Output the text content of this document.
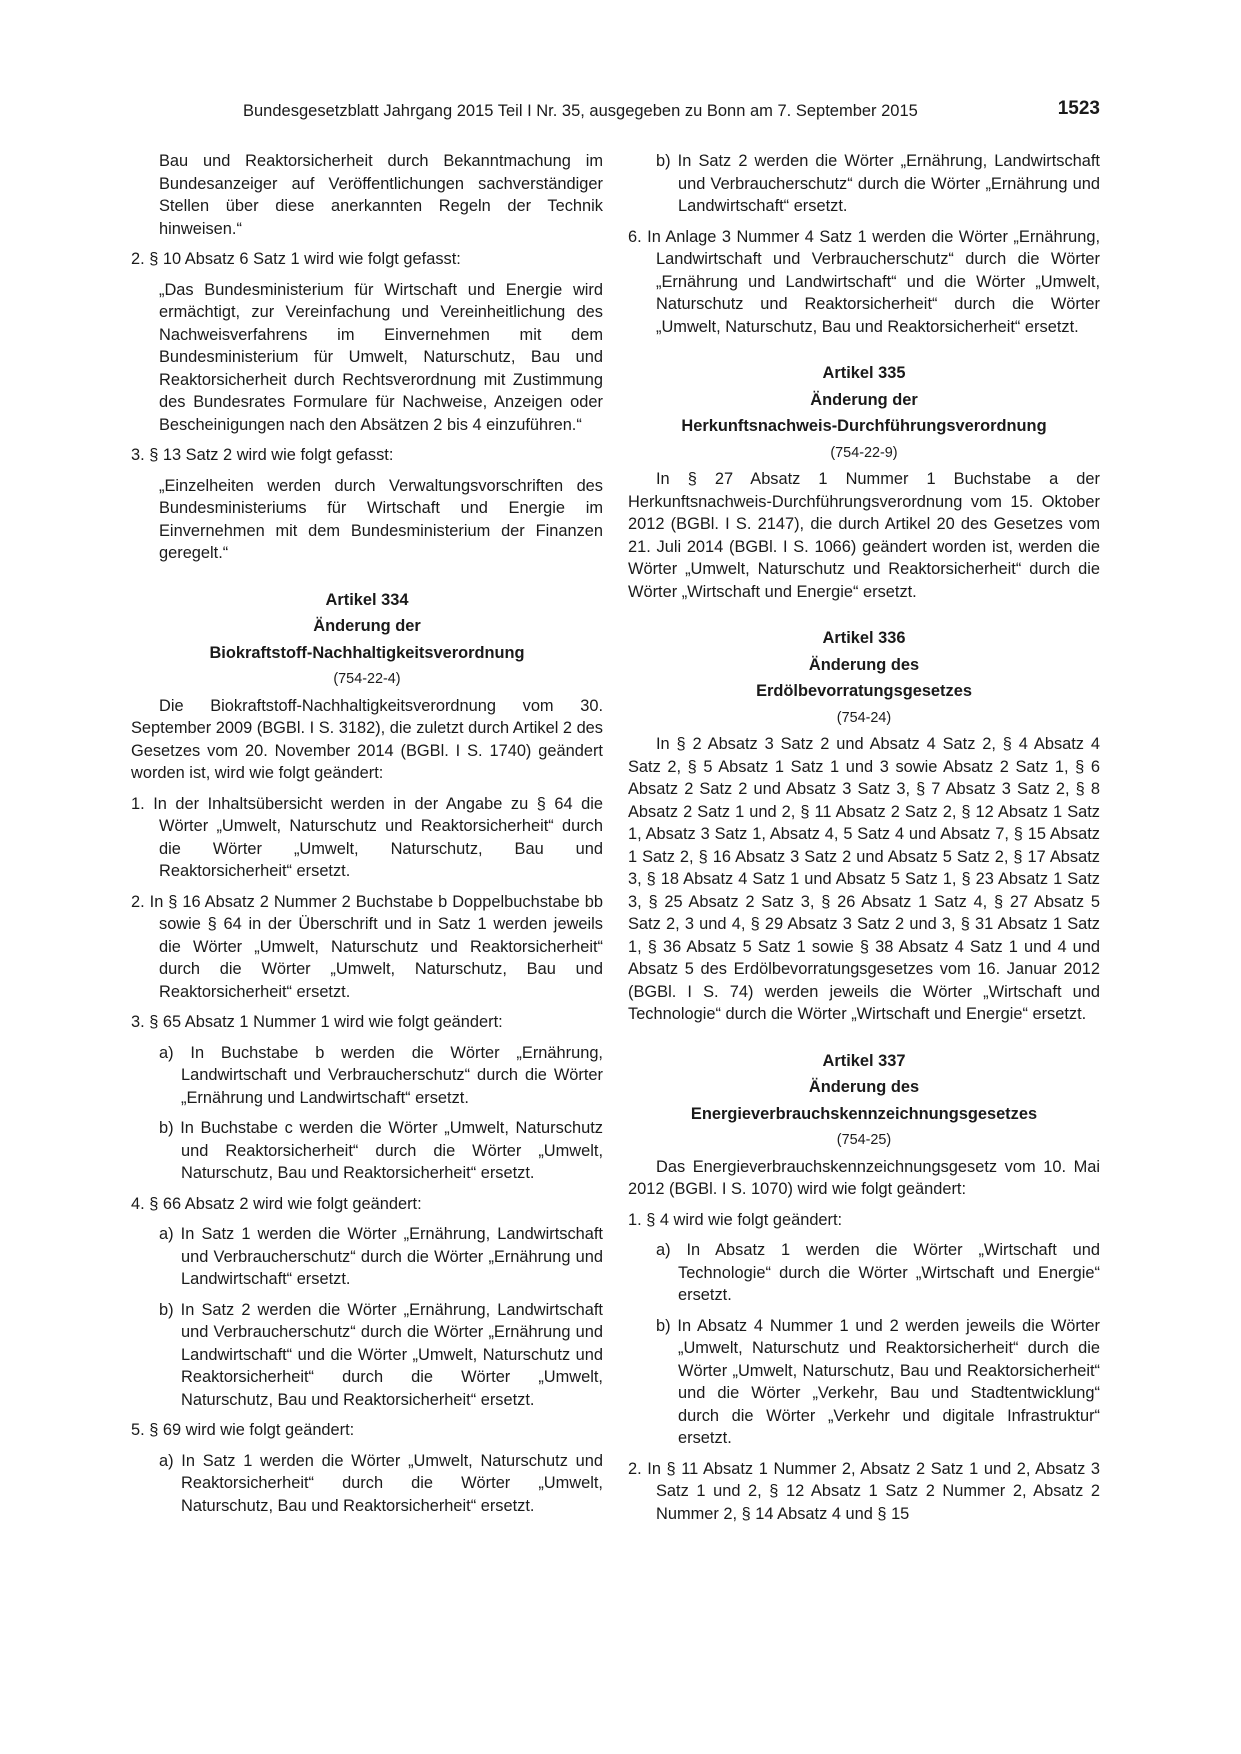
Bundesgesetzblatt Jahrgang 2015 Teil I Nr. 35, ausgegeben zu Bonn am 7. September 2015	1523

Bau und Reaktorsicherheit durch Bekanntmachung im Bundesanzeiger auf Veröffentlichungen sachverständiger Stellen über diese anerkannten Regeln der Technik hinweisen.“

2. § 10 Absatz 6 Satz 1 wird wie folgt gefasst:

„Das Bundesministerium für Wirtschaft und Energie wird ermächtigt, zur Vereinfachung und Vereinheitlichung des Nachweisverfahrens im Einvernehmen mit dem Bundesministerium für Umwelt, Naturschutz, Bau und Reaktorsicherheit durch Rechtsverordnung mit Zustimmung des Bundesrates Formulare für Nachweise, Anzeigen oder Bescheinigungen nach den Absätzen 2 bis 4 einzuführen.“

3. § 13 Satz 2 wird wie folgt gefasst:

„Einzelheiten werden durch Verwaltungsvorschriften des Bundesministeriums für Wirtschaft und Energie im Einvernehmen mit dem Bundesministerium der Finanzen geregelt.“

Artikel 334

Änderung der

Biokraftstoff-Nachhaltigkeitsverordnung

(754-22-4)

Die Biokraftstoff-Nachhaltigkeitsverordnung vom 30. September 2009 (BGBl. I S. 3182), die zuletzt durch Artikel 2 des Gesetzes vom 20. November 2014 (BGBl. I S. 1740) geändert worden ist, wird wie folgt geändert:

1. In der Inhaltsübersicht werden in der Angabe zu § 64 die Wörter „Umwelt, Naturschutz und Reaktorsicherheit“ durch die Wörter „Umwelt, Naturschutz, Bau und Reaktorsicherheit“ ersetzt.

2. In § 16 Absatz 2 Nummer 2 Buchstabe b Doppelbuchstabe bb sowie § 64 in der Überschrift und in Satz 1 werden jeweils die Wörter „Umwelt, Naturschutz und Reaktorsicherheit“ durch die Wörter „Umwelt, Naturschutz, Bau und Reaktorsicherheit“ ersetzt.

3. § 65 Absatz 1 Nummer 1 wird wie folgt geändert:

a) In Buchstabe b werden die Wörter „Ernährung, Landwirtschaft und Verbraucherschutz“ durch die Wörter „Ernährung und Landwirtschaft“ ersetzt.

b) In Buchstabe c werden die Wörter „Umwelt, Naturschutz und Reaktorsicherheit“ durch die Wörter „Umwelt, Naturschutz, Bau und Reaktorsicherheit“ ersetzt.

4. § 66 Absatz 2 wird wie folgt geändert:

a) In Satz 1 werden die Wörter „Ernährung, Landwirtschaft und Verbraucherschutz“ durch die Wörter „Ernährung und Landwirtschaft“ ersetzt.

b) In Satz 2 werden die Wörter „Ernährung, Landwirtschaft und Verbraucherschutz“ durch die Wörter „Ernährung und Landwirtschaft“ und die Wörter „Umwelt, Naturschutz und Reaktorsicherheit“ durch die Wörter „Umwelt, Naturschutz, Bau und Reaktorsicherheit“ ersetzt.

5. § 69 wird wie folgt geändert:

a) In Satz 1 werden die Wörter „Umwelt, Naturschutz und Reaktorsicherheit“ durch die Wörter „Umwelt, Naturschutz, Bau und Reaktorsicherheit“ ersetzt.

b) In Satz 2 werden die Wörter „Ernährung, Landwirtschaft und Verbraucherschutz“ durch die Wörter „Ernährung und Landwirtschaft“ ersetzt.

6. In Anlage 3 Nummer 4 Satz 1 werden die Wörter „Ernährung, Landwirtschaft und Verbraucherschutz“ durch die Wörter „Ernährung und Landwirtschaft“ und die Wörter „Umwelt, Naturschutz und Reaktorsicherheit“ durch die Wörter „Umwelt, Naturschutz, Bau und Reaktorsicherheit“ ersetzt.

Artikel 335

Änderung der

Herkunftsnachweis-Durchführungsverordnung

(754-22-9)

In § 27 Absatz 1 Nummer 1 Buchstabe a der Herkunftsnachweis-Durchführungsverordnung vom 15. Oktober 2012 (BGBl. I S. 2147), die durch Artikel 20 des Gesetzes vom 21. Juli 2014 (BGBl. I S. 1066) geändert worden ist, werden die Wörter „Umwelt, Naturschutz und Reaktorsicherheit“ durch die Wörter „Wirtschaft und Energie“ ersetzt.

Artikel 336

Änderung des

Erdölbevorratungsgesetzes

(754-24)

In § 2 Absatz 3 Satz 2 und Absatz 4 Satz 2, § 4 Absatz 4 Satz 2, § 5 Absatz 1 Satz 1 und 3 sowie Absatz 2 Satz 1, § 6 Absatz 2 Satz 2 und Absatz 3 Satz 3, § 7 Absatz 3 Satz 2, § 8 Absatz 2 Satz 1 und 2, § 11 Absatz 2 Satz 2, § 12 Absatz 1 Satz 1, Absatz 3 Satz 1, Absatz 4, 5 Satz 4 und Absatz 7, § 15 Absatz 1 Satz 2, § 16 Absatz 3 Satz 2 und Absatz 5 Satz 2, § 17 Absatz 3, § 18 Absatz 4 Satz 1 und Absatz 5 Satz 1, § 23 Absatz 1 Satz 3, § 25 Absatz 2 Satz 3, § 26 Absatz 1 Satz 4, § 27 Absatz 5 Satz 2, 3 und 4, § 29 Absatz 3 Satz 2 und 3, § 31 Absatz 1 Satz 1, § 36 Absatz 5 Satz 1 sowie § 38 Absatz 4 Satz 1 und 4 und Absatz 5 des Erdölbevorratungsgesetzes vom 16. Januar 2012 (BGBl. I S. 74) werden jeweils die Wörter „Wirtschaft und Technologie“ durch die Wörter „Wirtschaft und Energie“ ersetzt.

Artikel 337

Änderung des

Energieverbrauchskennzeichnungsgesetzes

(754-25)

Das Energieverbrauchskennzeichnungsgesetz vom 10. Mai 2012 (BGBl. I S. 1070) wird wie folgt geändert:

1. § 4 wird wie folgt geändert:

a) In Absatz 1 werden die Wörter „Wirtschaft und Technologie“ durch die Wörter „Wirtschaft und Energie“ ersetzt.

b) In Absatz 4 Nummer 1 und 2 werden jeweils die Wörter „Umwelt, Naturschutz und Reaktorsicherheit“ durch die Wörter „Umwelt, Naturschutz, Bau und Reaktorsicherheit“ und die Wörter „Verkehr, Bau und Stadtentwicklung“ durch die Wörter „Verkehr und digitale Infrastruktur“ ersetzt.

2. In § 11 Absatz 1 Nummer 2, Absatz 2 Satz 1 und 2, Absatz 3 Satz 1 und 2, § 12 Absatz 1 Satz 2 Nummer 2, Absatz 2 Nummer 2, § 14 Absatz 4 und § 15
